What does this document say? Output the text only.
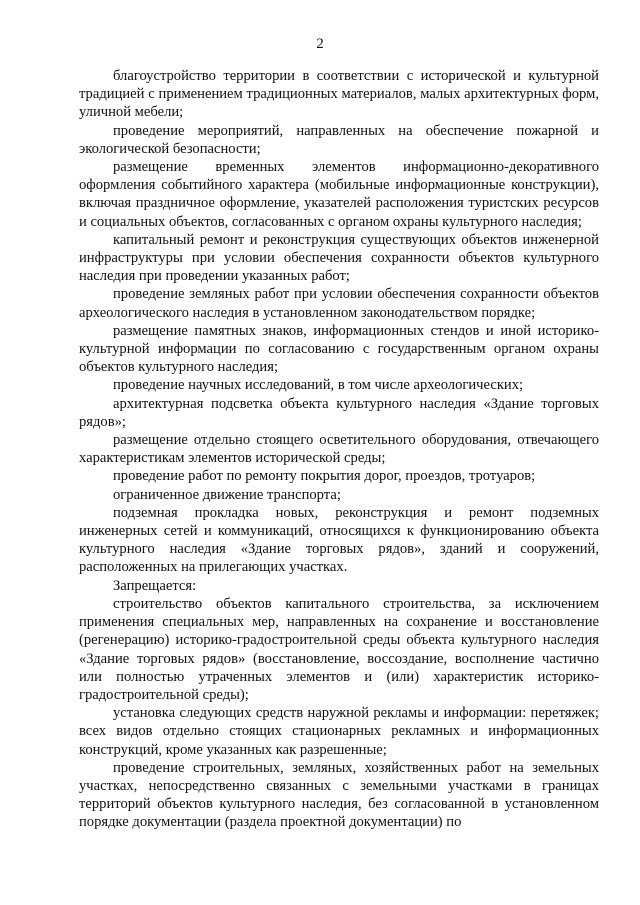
2

благоустройство территории в соответствии с исторической и культурной традицией с применением традиционных материалов, малых архитектурных форм, уличной мебели;

проведение мероприятий, направленных на обеспечение пожарной и экологической безопасности;

размещение временных элементов информационно-декоративного оформления событийного характера (мобильные информационные конструкции), включая праздничное оформление, указателей расположения туристских ресурсов и социальных объектов, согласованных с органом охраны культурного наследия;

капитальный ремонт и реконструкция существующих объектов инженерной инфраструктуры при условии обеспечения сохранности объектов культурного наследия при проведении указанных работ;

проведение земляных работ при условии обеспечения сохранности объектов археологического наследия в установленном законодательством порядке;

размещение памятных знаков, информационных стендов и иной историко-культурной информации по согласованию с государственным органом охраны объектов культурного наследия;

проведение научных исследований, в том числе археологических;

архитектурная подсветка объекта культурного наследия «Здание торговых рядов»;

размещение отдельно стоящего осветительного оборудования, отвечающего характеристикам элементов исторической среды;

проведение работ по ремонту покрытия дорог, проездов, тротуаров;

ограниченное движение транспорта;

подземная прокладка новых, реконструкция и ремонт подземных инженерных сетей и коммуникаций, относящихся к функционированию объекта культурного наследия «Здание торговых рядов», зданий и сооружений, расположенных на прилегающих участках.

Запрещается:

строительство объектов капитального строительства, за исключением применения специальных мер, направленных на сохранение и восстановление (регенерацию) историко-градостроительной среды объекта культурного наследия «Здание торговых рядов» (восстановление, воссоздание, восполнение частично или полностью утраченных элементов и (или) характеристик историко-градостроительной среды);

установка следующих средств наружной рекламы и информации: перетяжек; всех видов отдельно стоящих стационарных рекламных и информационных конструкций, кроме указанных как разрешенные;

проведение строительных, земляных, хозяйственных работ на земельных участках, непосредственно связанных с земельными участками в границах территорий объектов культурного наследия, без согласованной в установленном порядке документации (раздела проектной документации) по
